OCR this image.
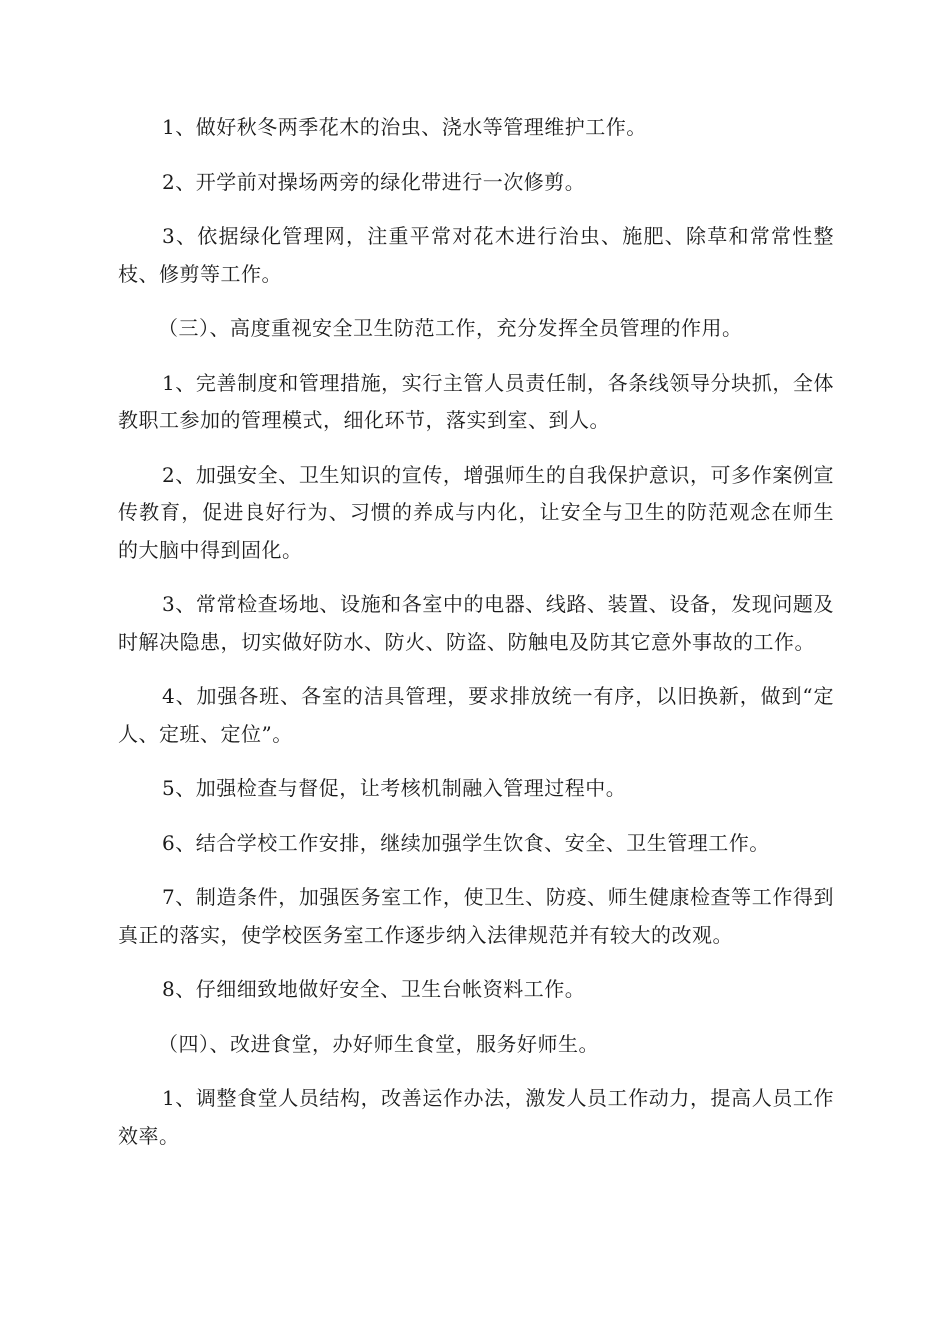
1、做好秋冬两季花木的治虫、浇水等管理维护工作。

2、开学前对操场两旁的绿化带进行一次修剪。

3、依据绿化管理网，注重平常对花木进行治虫、施肥、除草和常常性整枝、修剪等工作。

（三）、高度重视安全卫生防范工作，充分发挥全员管理的作用。

1、完善制度和管理措施，实行主管人员责任制，各条线领导分块抓，全体教职工参加的管理模式，细化环节，落实到室、到人。

2、加强安全、卫生知识的宣传，增强师生的自我保护意识，可多作案例宣传教育，促进良好行为、习惯的养成与内化，让安全与卫生的防范观念在师生的大脑中得到固化。

3、常常检查场地、设施和各室中的电器、线路、装置、设备，发现问题及时解决隐患，切实做好防水、防火、防盗、防触电及防其它意外事故的工作。

4、加强各班、各室的洁具管理，要求排放统一有序，以旧换新，做到“定人、定班、定位”。

5、加强检查与督促，让考核机制融入管理过程中。

6、结合学校工作安排，继续加强学生饮食、安全、卫生管理工作。

7、制造条件，加强医务室工作，使卫生、防疫、师生健康检查等工作得到真正的落实，使学校医务室工作逐步纳入法律规范并有较大的改观。

8、仔细细致地做好安全、卫生台帐资料工作。

（四）、改进食堂，办好师生食堂，服务好师生。

1、调整食堂人员结构，改善运作办法，激发人员工作动力，提高人员工作效率。
